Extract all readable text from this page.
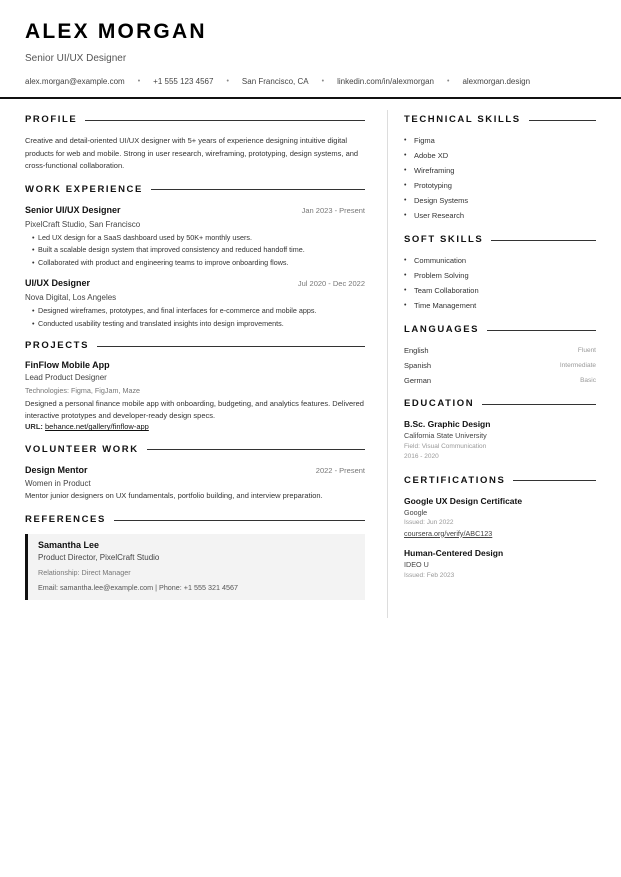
ALEX MORGAN
Senior UI/UX Designer
alex.morgan@example.com • +1 555 123 4567 • San Francisco, CA • linkedin.com/in/alexmorgan • alexmorgan.design
PROFILE
Creative and detail-oriented UI/UX designer with 5+ years of experience designing intuitive digital products for web and mobile. Strong in user research, wireframing, prototyping, design systems, and cross-functional collaboration.
WORK EXPERIENCE
Senior UI/UX Designer	Jan 2023 - Present
PixelCraft Studio, San Francisco
• Led UX design for a SaaS dashboard used by 50K+ monthly users.
• Built a scalable design system that improved consistency and reduced handoff time.
• Collaborated with product and engineering teams to improve onboarding flows.
UI/UX Designer	Jul 2020 - Dec 2022
Nova Digital, Los Angeles
• Designed wireframes, prototypes, and final interfaces for e-commerce and mobile apps.
• Conducted usability testing and translated insights into design improvements.
PROJECTS
FinFlow Mobile App
Lead Product Designer
Technologies: Figma, FigJam, Maze
Designed a personal finance mobile app with onboarding, budgeting, and analytics features. Delivered interactive prototypes and developer-ready design specs.
URL: behance.net/gallery/finflow-app
VOLUNTEER WORK
Design Mentor	2022 - Present
Women in Product
Mentor junior designers on UX fundamentals, portfolio building, and interview preparation.
REFERENCES
Samantha Lee
Product Director, PixelCraft Studio
Relationship: Direct Manager
Email: samantha.lee@example.com | Phone: +1 555 321 4567
TECHNICAL SKILLS
• Figma
• Adobe XD
• Wireframing
• Prototyping
• Design Systems
• User Research
SOFT SKILLS
• Communication
• Problem Solving
• Team Collaboration
• Time Management
LANGUAGES
English	Fluent
Spanish	Intermediate
German	Basic
EDUCATION
B.Sc. Graphic Design
California State University
Field: Visual Communication
2016 - 2020
CERTIFICATIONS
Google UX Design Certificate
Google
Issued: Jun 2022
coursera.org/verify/ABC123
Human-Centered Design
IDEO U
Issued: Feb 2023
